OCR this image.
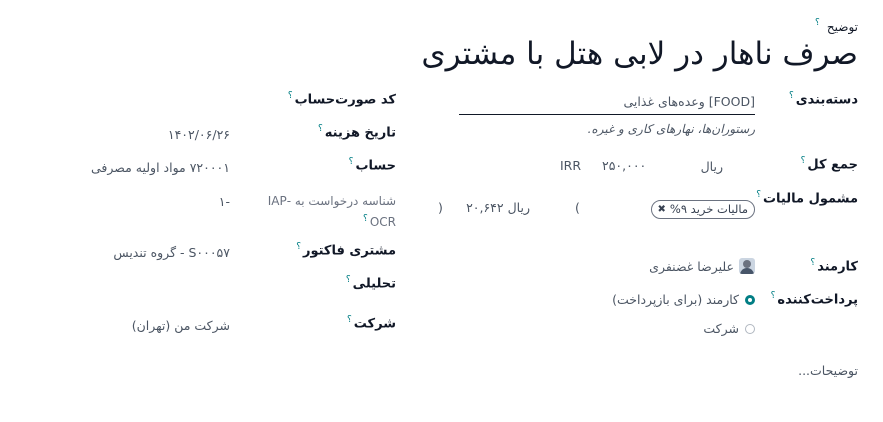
توضیح ؟
صرف ناهار در لابی هتل با مشتری
دسته‌بندی؟
[FOOD] وعده‌های غذایی
رستوران‌ها، نهارهای کاری و غیره.
جمع کل؟
ریال
۲۵۰,۰۰۰
IRR
مشمول مالیات؟
مالیات خرید ۹%
✖
(
ریال ۲۰,۶۴۲
)
کارمند؟
علیرضا غضنفری
پرداخت‌کننده؟
کارمند (برای بازپرداخت)
شرکت
توضیحات...
کد صورت‌حساب؟
تاریخ هزینه؟
۱۴۰۲/۰۶/۲۶
حساب؟
۷۲۰۰۰۱ مواد اولیه مصرفی
شناسه درخواست به -IAP
OCR؟
-۱
مشتری فاکتور؟
S۰۰۰۵۷ - گروه تندیس
تحلیلی؟
شرکت؟
شرکت من (تهران)
